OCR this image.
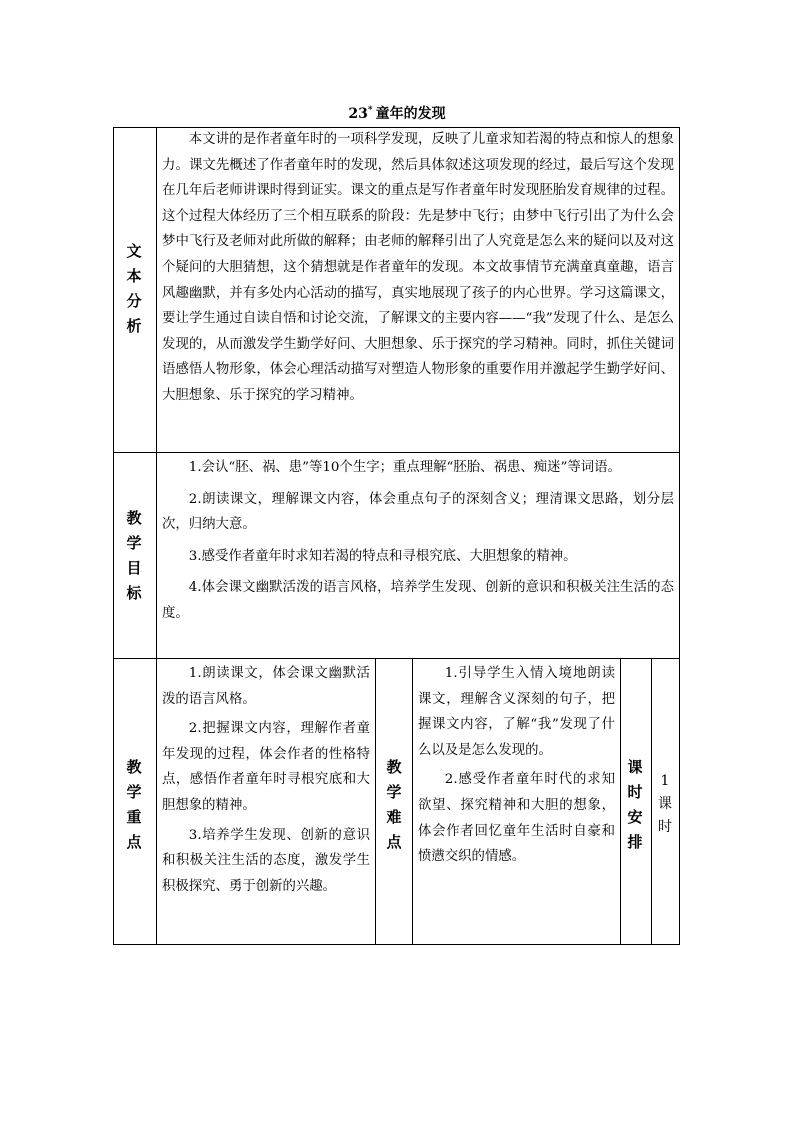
23* 童年的发现
文本分析

本文讲的是作者童年时的一项科学发现，反映了儿童求知若渴的特点和惊人的想象力。课文先概述了作者童年时的发现，然后具体叙述这项发现的经过，最后写这个发现在几年后老师讲课时得到证实。课文的重点是写作者童年时发现胚胎发育规律的过程。这个过程大体经历了三个相互联系的阶段：先是梦中飞行；由梦中飞行引出了为什么会梦中飞行及老师对此所做的解释；由老师的解释引出了人究竟是怎么来的疑问以及对这个疑问的大胆猜想，这个猜想就是作者童年的发现。本文故事情节充满童真童趣，语言风趣幽默，并有多处内心活动的描写，真实地展现了孩子的内心世界。学习这篇课文，要让学生通过自读自悟和讨论交流，了解课文的主要内容——“我”发现了什么、是怎么发现的，从而激发学生勤学好问、大胆想象、乐于探究的学习精神。同时，抓住关键词语感悟人物形象，体会心理活动描写对塑造人物形象的重要作用并激起学生勤学好问、大胆想象、乐于探究的学习精神。

教学目标

1.会认“胚、祸、患”等10个生字；重点理解“胚胎、祸患、痴迷”等词语。

2.朗读课文，理解课文内容，体会重点句子的深刻含义；理清课文思路，划分层次，归纳大意。

3.感受作者童年时求知若渴的特点和寻根究底、大胆想象的精神。

4.体会课文幽默活泼的语言风格，培养学生发现、创新的意识和积极关注生活的态度。

教学重点

1.朗读课文，体会课文幽默活泼的语言风格。

2.把握课文内容，理解作者童年发现的过程，体会作者的性格特点，感悟作者童年时寻根究底和大胆想象的精神。

3.培养学生发现、创新的意识和积极关注生活的态度，激发学生积极探究、勇于创新的兴趣。

教学难点

1.引导学生入情入境地朗读课文，理解含义深刻的句子，把握课文内容，了解“我”发现了什么以及是怎么发现的。

2.感受作者童年时代的求知欲望、探究精神和大胆的想象，体会作者回忆童年生活时自豪和愤懑交织的情感。

课时安排
1课时
